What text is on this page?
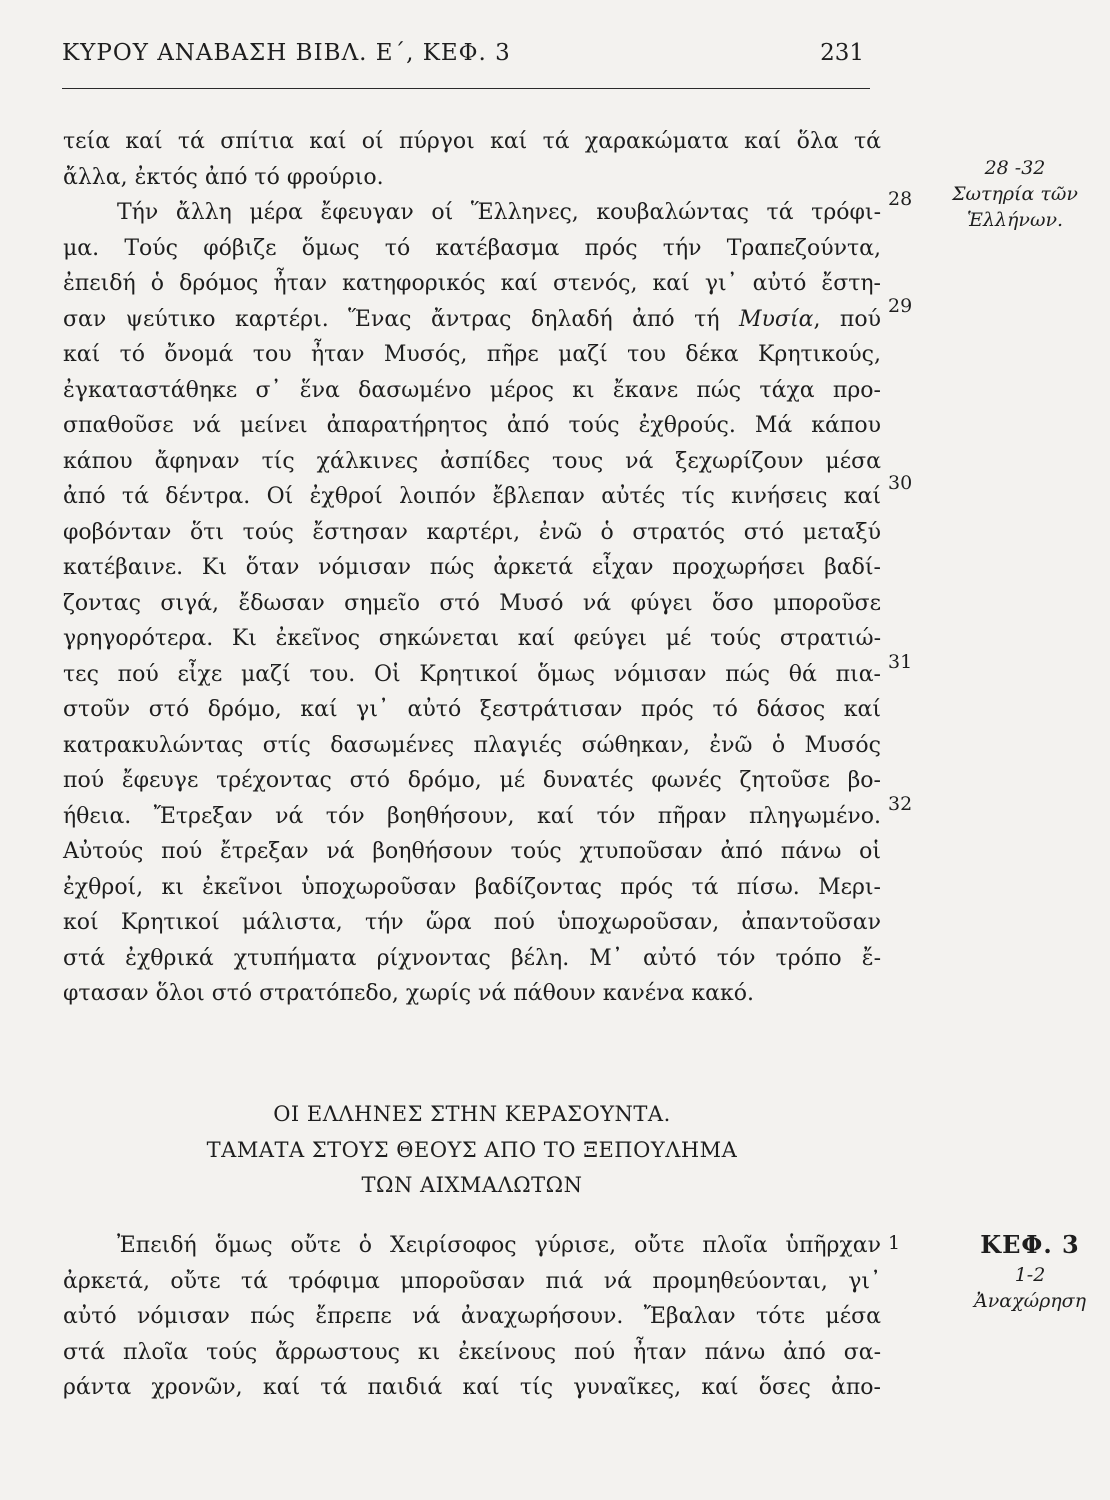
ΚΥΡΟΥ ΑΝΑΒΑΣΗ ΒΙΒΛ. Ε΄, ΚΕΦ. 3	231
τεία καί τά σπίτια καί οί πύργοι καί τά χαρακώματα καί ὅλα τά
ἄλλα, ἐκτός ἀπό τό φρούριο.
Τήν ἄλλη μέρα ἔφευγαν οί Ἕλληνες, κουβαλώντας τά τρόφι-
μα. Τούς φόβιζε ὅμως τό κατέβασμα πρός τήν Τραπεζούντα,
ἐπειδή ὁ δρόμος ἦταν κατηφορικός καί στενός, καί γι᾽ αὐτό ἔστη-
σαν ψεύτικο καρτέρι. Ἕνας ἄντρας δηλαδή ἀπό τή Μυσία, πού
καί τό ὄνομά του ἦταν Μυσός, πῆρε μαζί του δέκα Κρητικούς,
ἐγκαταστάθηκε σ᾽ ἕνα δασωμένο μέρος κι ἔκανε πώς τάχα προ-
σπαθοῦσε νά μείνει ἀπαρατήρητος ἀπό τούς ἐχθρούς. Μά κάπου
κάπου ἄφηναν τίς χάλκινες ἀσπίδες τους νά ξεχωρίζουν μέσα
ἀπό τά δέντρα. Οί ἐχθροί λοιπόν ἔβλεπαν αὐτές τίς κινήσεις καί
φοβόνταν ὅτι τούς ἔστησαν καρτέρι, ἐνῶ ὁ στρατός στό μεταξύ
κατέβαινε. Κι ὅταν νόμισαν πώς ἀρκετά εἶχαν προχωρήσει βαδί-
ζοντας σιγά, ἔδωσαν σημεῖο στό Μυσό νά φύγει ὅσο μποροῦσε
γρηγορότερα. Κι ἐκεῖνος σηκώνεται καί φεύγει μέ τούς στρατιώ-
τες πού εἶχε μαζί του. Οἱ Κρητικοί ὅμως νόμισαν πώς θά πια-
στοῦν στό δρόμο, καί γι᾽ αὐτό ξεστράτισαν πρός τό δάσος καί
κατρακυλώντας στίς δασωμένες πλαγιές σώθηκαν, ἐνῶ ὁ Μυσός
πού ἔφευγε τρέχοντας στό δρόμο, μέ δυνατές φωνές ζητοῦσε βο-
ήθεια. Ἔτρεξαν νά τόν βοηθήσουν, καί τόν πῆραν πληγωμένο.
Αὐτούς πού ἔτρεξαν νά βοηθήσουν τούς χτυποῦσαν ἀπό πάνω οἱ
ἐχθροί, κι ἐκεῖνοι ὑποχωροῦσαν βαδίζοντας πρός τά πίσω. Μερι-
κοί Κρητικοί μάλιστα, τήν ὥρα πού ὑποχωροῦσαν, ἀπαντοῦσαν
στά ἐχθρικά χτυπήματα ρίχνοντας βέλη. Μ᾽ αὐτό τόν τρόπο ἔ-
φτασαν ὅλοι στό στρατόπεδο, χωρίς νά πάθουν κανένα κακό.
ΟΙ ΕΛΛΗΝΕΣ ΣΤΗΝ ΚΕΡΑΣΟΥΝΤΑ.
ΤΑΜΑΤΑ ΣΤΟΥΣ ΘΕΟΥΣ ΑΠΟ ΤΟ ΞΕΠΟΥΛΗΜΑ
ΤΩΝ ΑΙΧΜΑΛΩΤΩΝ
Ἐπειδή ὅμως οὔτε ὁ Χειρίσοφος γύρισε, οὔτε πλοῖα ὑπῆρχαν
ἀρκετά, οὔτε τά τρόφιμα μποροῦσαν πιά νά προμηθεύονται, γι᾽
αὐτό νόμισαν πώς ἔπρεπε νά ἀναχωρήσουν. Ἔβαλαν τότε μέσα
στά πλοῖα τούς ἄρρωστους κι ἐκείνους πού ἦταν πάνω ἀπό σα-
ράντα χρονῶν, καί τά παιδιά καί τίς γυναῖκες, καί ὅσες ἀπο-
28
29
30
31
32
1
28 -32
Σωτηρία τῶν
Ἑλλήνων.
ΚΕΦ. 3
1-2
Ἀναχώρηση
